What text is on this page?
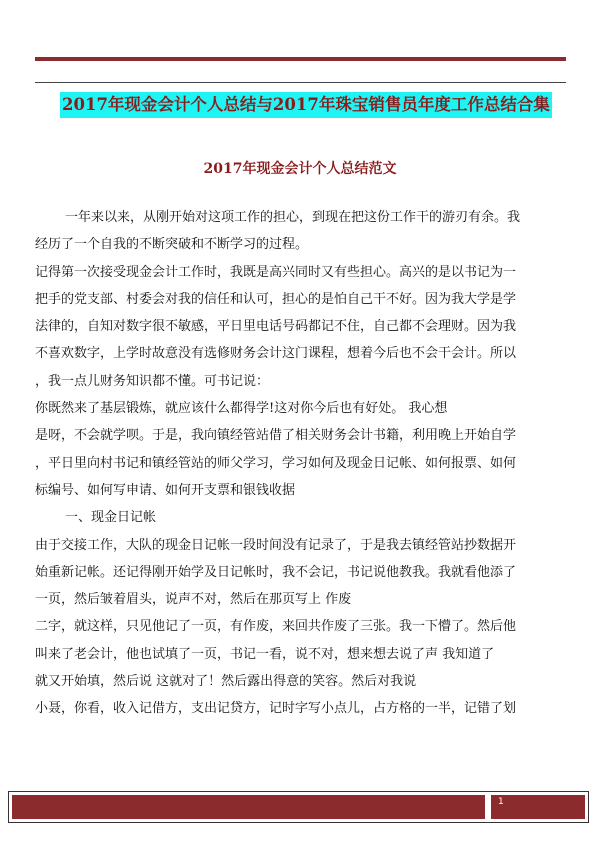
2017年现金会计个人总结与2017年珠宝销售员年度工作总结合集
2017年现金会计个人总结范文
一年来以来，从刚开始对这项工作的担心，到现在把这份工作干的游刃有余。我
经历了一个自我的不断突破和不断学习的过程。
记得第一次接受现金会计工作时，我既是高兴同时又有些担心。高兴的是以书记为一
把手的党支部、村委会对我的信任和认可，担心的是怕自己干不好。因为我大学是学
法律的，自知对数字很不敏感，平日里电话号码都记不住，自己都不会理财。因为我
不喜欢数字，上学时故意没有选修财务会计这门课程，想着今后也不会干会计。所以
，我一点儿财务知识都不懂。可书记说：
你既然来了基层锻炼，就应该什么都得学!这对你今后也有好处。 我心想
是呀，不会就学呗。于是，我向镇经管站借了相关财务会计书籍，利用晚上开始自学
，平日里向村书记和镇经管站的师父学习，学习如何及现金日记帐、如何报票、如何
标编号、如何写申请、如何开支票和银钱收据
一、现金日记帐
由于交接工作，大队的现金日记帐一段时间没有记录了，于是我去镇经管站抄数据开
始重新记帐。还记得刚开始学及日记帐时，我不会记，书记说他教我。我就看他添了
一页，然后皱着眉头，说声不对，然后在那页写上 作废
二字，就这样，只见他记了一页，有作废，来回共作废了三张。我一下懵了。然后他
叫来了老会计，他也试填了一页，书记一看，说不对，想来想去说了声 我知道了
就又开始填，然后说 这就对了！然后露出得意的笑容。然后对我说
小聂，你看，收入记借方，支出记贷方，记时字写小点儿，占方格的一半，记错了划
1
